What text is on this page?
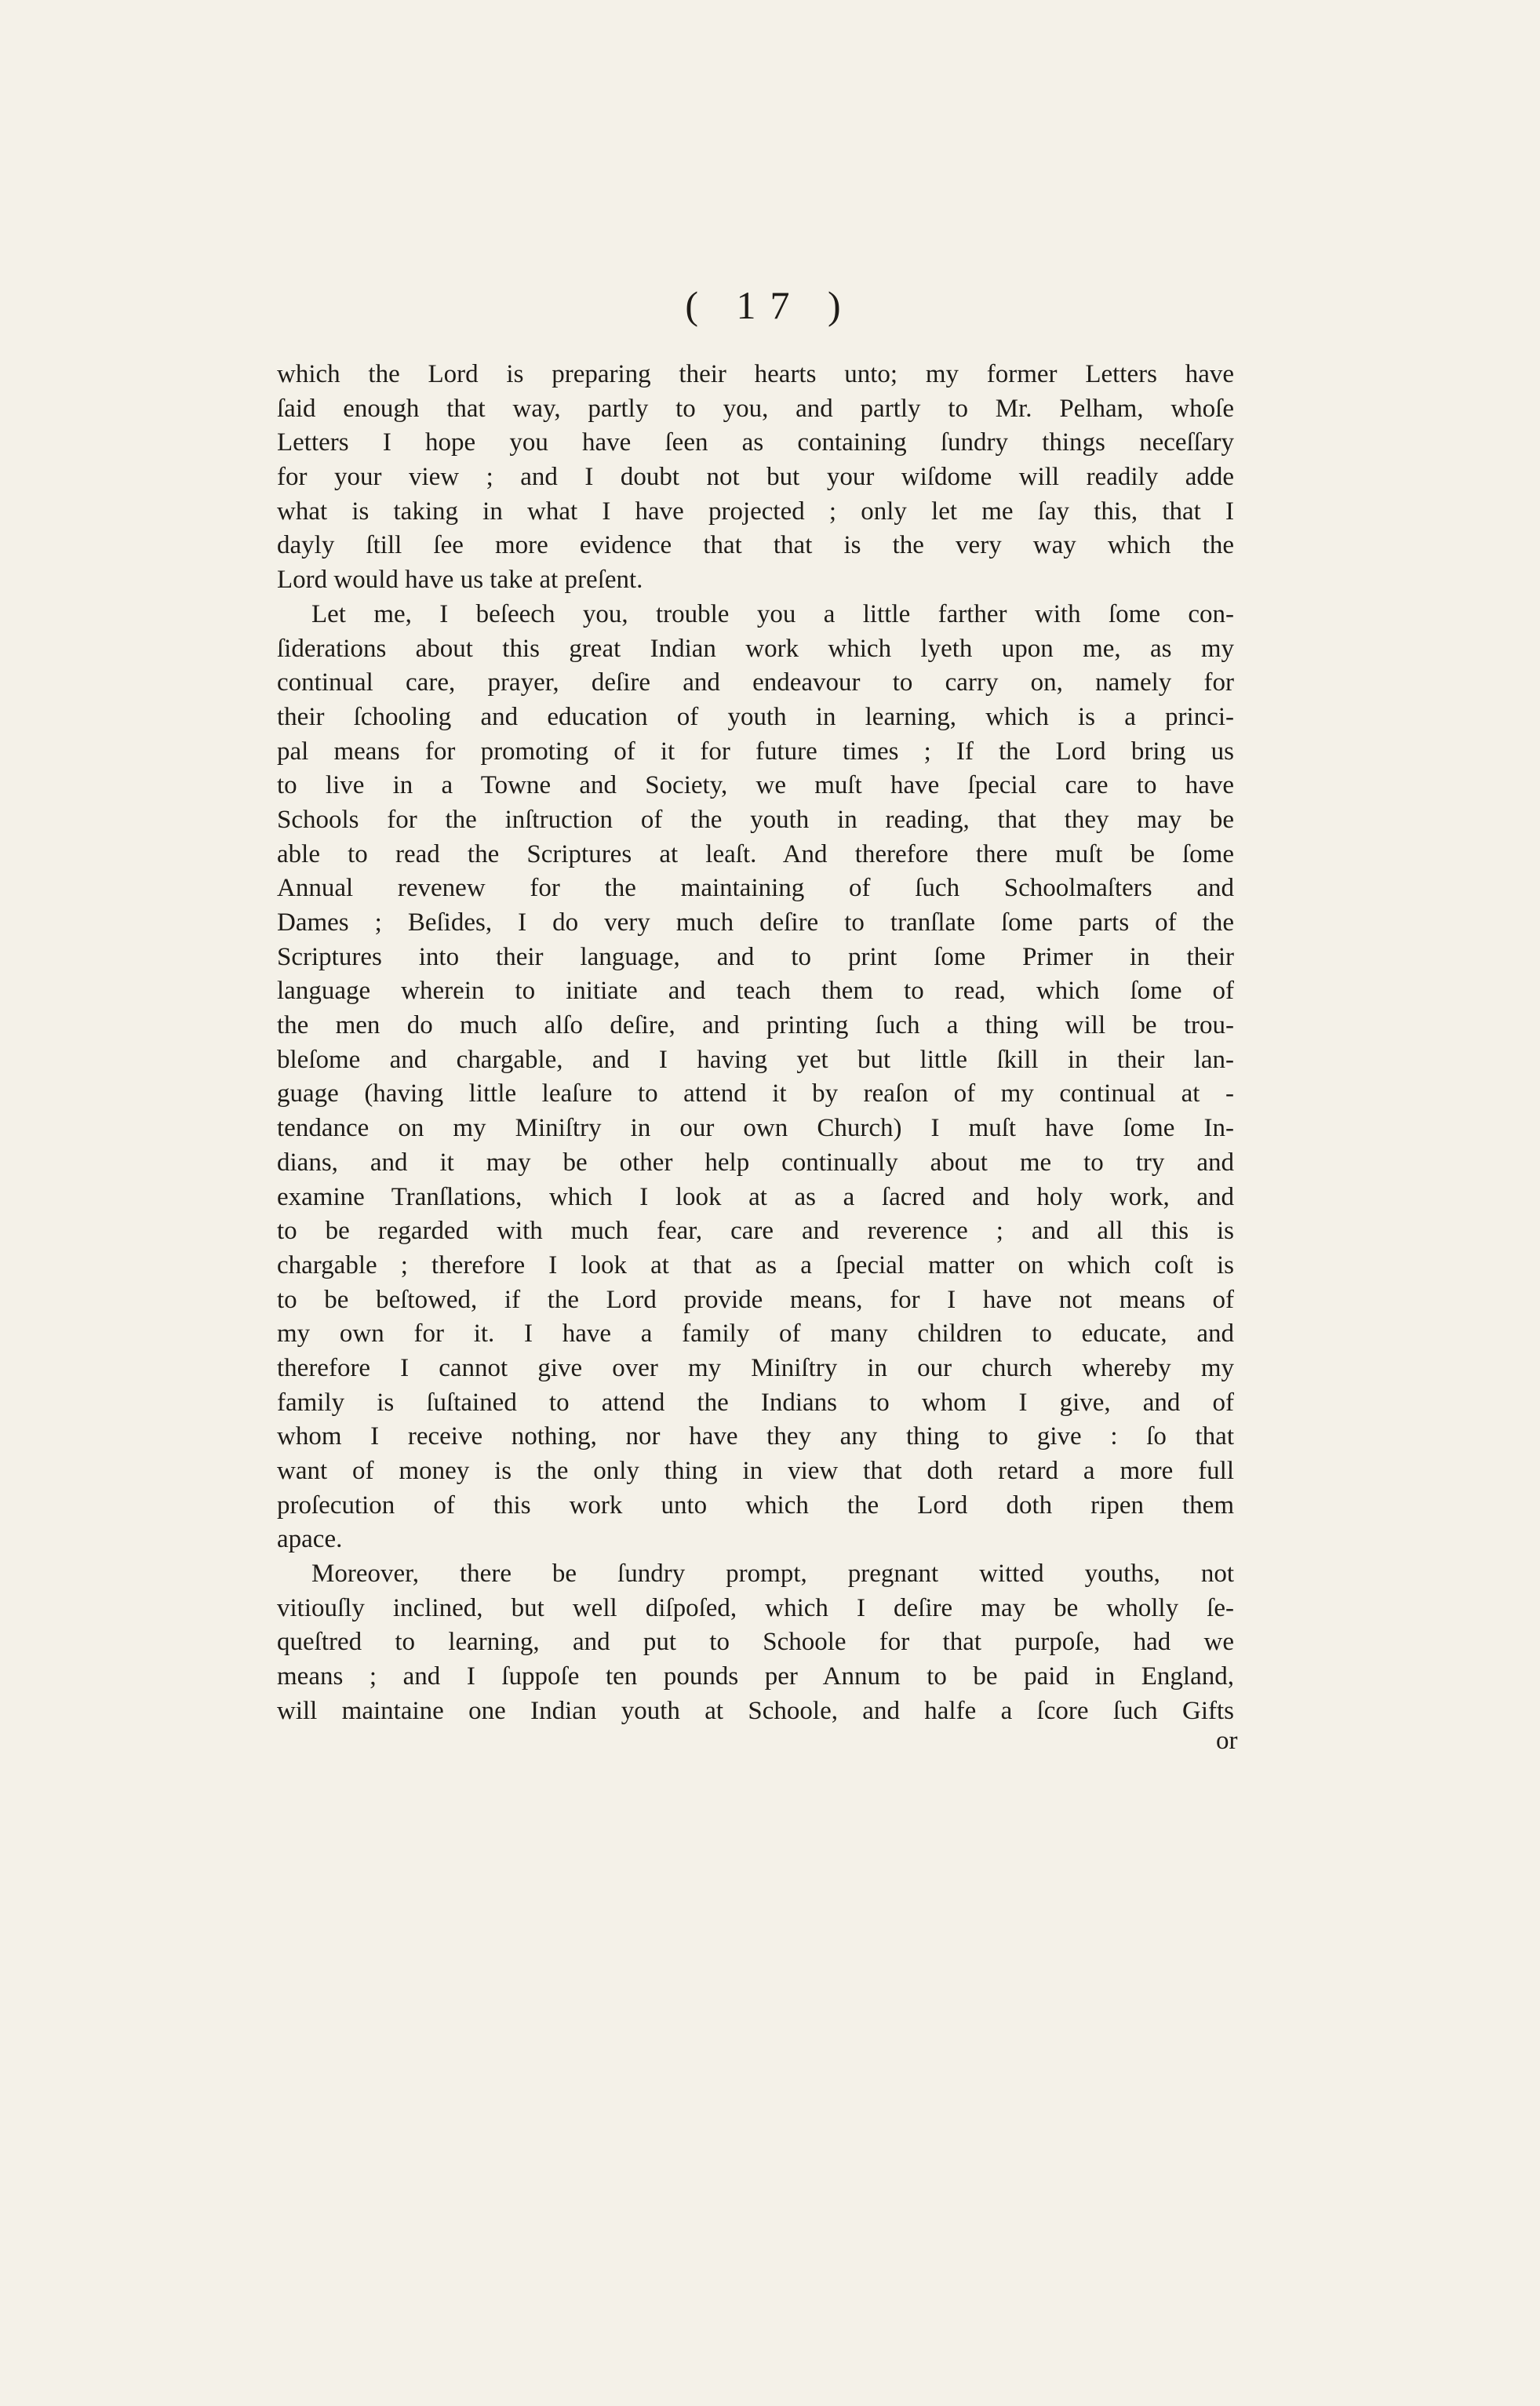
( 17 )
which the Lord is preparing their hearts unto; my former Letters have
ſaid enough that way, partly to you, and partly to Mr. Pelham, whoſe
Letters I hope you have ſeen as containing ſundry things neceſſary
for your view ; and I doubt not but your wiſdome will readily adde
what is taking in what I have projected ; only let me ſay this, that I
dayly ſtill ſee more evidence that that is the very way which the
Lord would have us take at preſent.
Let me, I beſeech you, trouble you a little farther with ſome con-
ſiderations about this great Indian work which lyeth upon me, as my
continual care, prayer, deſire and endeavour to carry on, namely for
their ſchooling and education of youth in learning, which is a princi-
pal means for promoting of it for future times ; If the Lord bring us
to live in a Towne and Society, we muſt have ſpecial care to have
Schools for the inſtruction of the youth in reading, that they may be
able to read the Scriptures at leaſt. And therefore there muſt be ſome
Annual revenew for the maintaining of ſuch Schoolmaſters and
Dames ; Beſides, I do very much deſire to tranſlate ſome parts of the
Scriptures into their language, and to print ſome Primer in their
language wherein to initiate and teach them to read, which ſome of
the men do much alſo deſire, and printing ſuch a thing will be trou-
bleſome and chargable, and I having yet but little ſkill in their lan-
guage (having little leaſure to attend it by reaſon of my continual at -
tendance on my Miniſtry in our own Church) I muſt have ſome In-
dians, and it may be other help continually about me to try and
examine Tranſlations, which I look at as a ſacred and holy work, and
to be regarded with much fear, care and reverence ; and all this is
chargable ; therefore I look at that as a ſpecial matter on which coſt is
to be beſtowed, if the Lord provide means, for I have not means of
my own for it. I have a family of many children to educate, and
therefore I cannot give over my Miniſtry in our church whereby my
family is ſuſtained to attend the Indians to whom I give, and of
whom I receive nothing, nor have they any thing to give : ſo that
want of money is the only thing in view that doth retard a more full
proſecution of this work unto which the Lord doth ripen them
apace.
Moreover, there be ſundry prompt, pregnant witted youths, not
vitiouſly inclined, but well diſpoſed, which I deſire may be wholly ſe-
queſtred to learning, and put to Schoole for that purpoſe, had we
means ; and I ſuppoſe ten pounds per Annum to be paid in England,
will maintaine one Indian youth at Schoole, and halfe a ſcore ſuch Gifts
or
